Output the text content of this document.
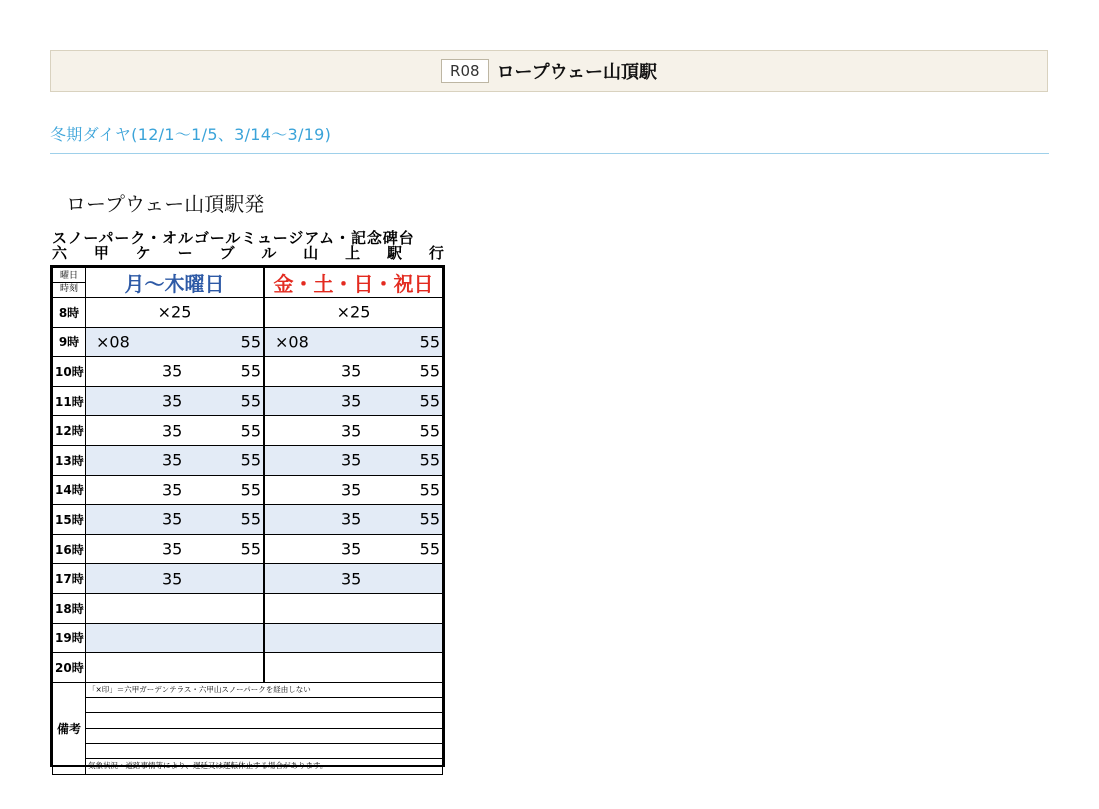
R08 ロープウェー山頂駅
冬期ダイヤ(12/1～1/5、3/14～3/19)
ロープウェー山頂駅発
スノーパーク・オルゴールミュージアム・記念碑台
六 甲 ケ ー ブ ル 山 上 駅 行
曜日
時刻	月～木曜日	金・土・日・祝日
8時	×25	×25

9時	×08 55	×08 55

10時	35 55	35 55

11時	35 55	35 55

12時	35 55	35 55

13時	35 55	35 55

14時	35 55	35 55

15時	35 55	35 55

16時	35 55	35 55

17時	35	35

18時		
19時		
20時		
備考	「×印」＝六甲ガーデンテラス・六甲山スノーパークを経由しない
気象状況・道路事情等により、遅延又は運転休止する場合があります。	
